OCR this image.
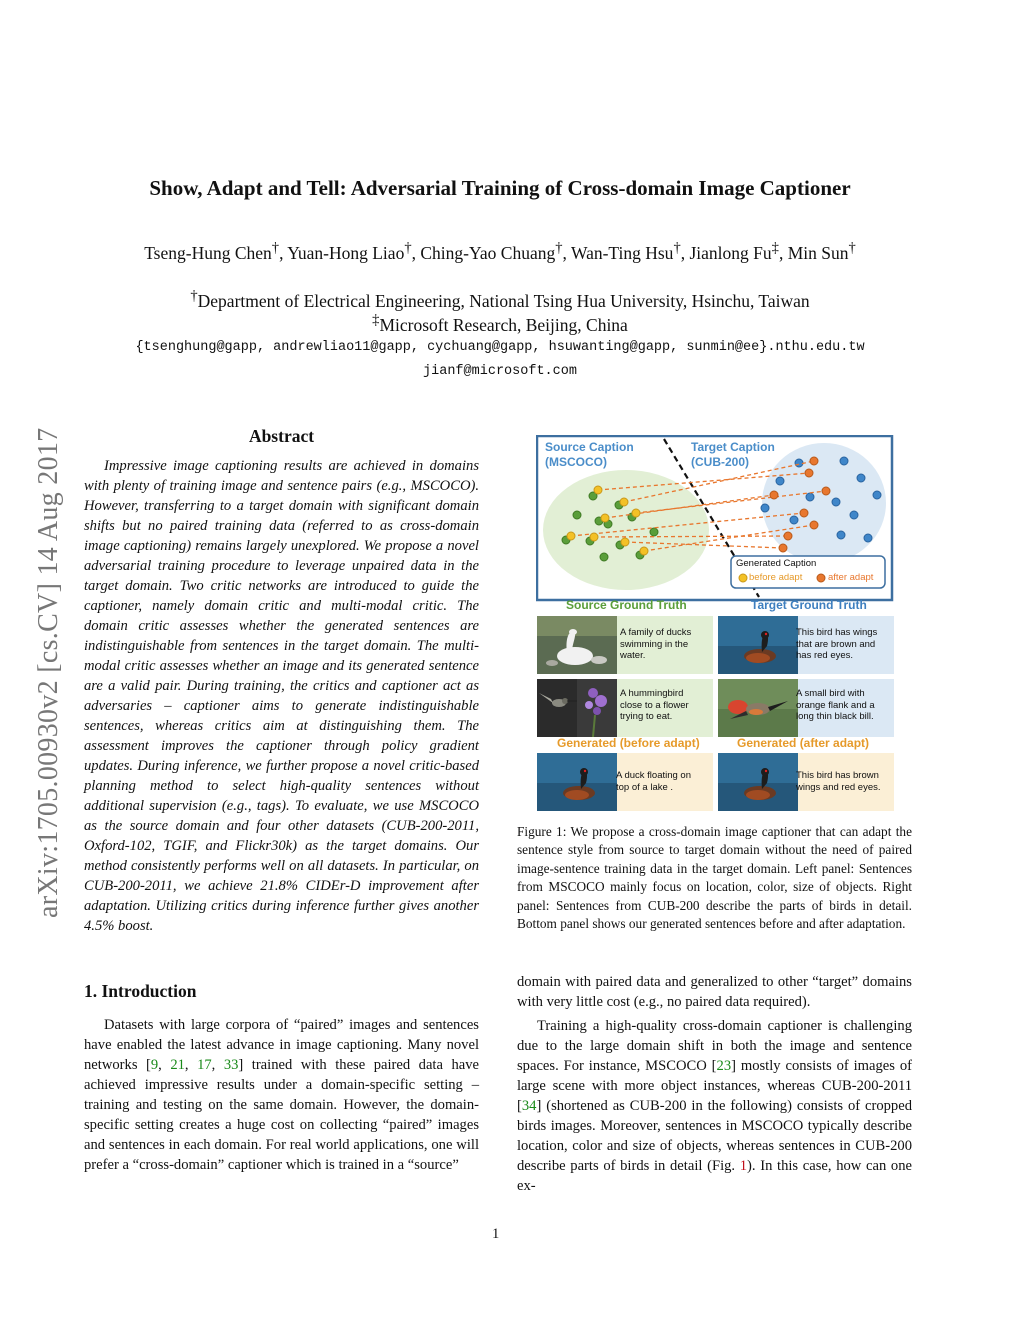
arXiv:1705.00930v2 [cs.CV] 14 Aug 2017
Show, Adapt and Tell: Adversarial Training of Cross-domain Image Captioner
Tseng-Hung Chen†, Yuan-Hong Liao†, Ching-Yao Chuang†, Wan-Ting Hsu†, Jianlong Fu‡, Min Sun†
†Department of Electrical Engineering, National Tsing Hua University, Hsinchu, Taiwan
‡Microsoft Research, Beijing, China
{tsenghung@gapp, andrewliao11@gapp, cychuang@gapp, hsuwanting@gapp, sunmin@ee}.nthu.edu.tw
jianf@microsoft.com
Abstract
Impressive image captioning results are achieved in domains with plenty of training image and sentence pairs (e.g., MSCOCO). However, transferring to a target domain with significant domain shifts but no paired training data (referred to as cross-domain image captioning) remains largely unexplored. We propose a novel adversarial training procedure to leverage unpaired data in the target domain. Two critic networks are introduced to guide the captioner, namely domain critic and multi-modal critic. The domain critic assesses whether the generated sentences are indistinguishable from sentences in the target domain. The multi-modal critic assesses whether an image and its generated sentence are a valid pair. During training, the critics and captioner act as adversaries – captioner aims to generate indistinguishable sentences, whereas critics aim at distinguishing them. The assessment improves the captioner through policy gradient updates. During inference, we further propose a novel critic-based planning method to select high-quality sentences without additional supervision (e.g., tags). To evaluate, we use MSCOCO as the source domain and four other datasets (CUB-200-2011, Oxford-102, TGIF, and Flickr30k) as the target domains. Our method consistently performs well on all datasets. In particular, on CUB-200-2011, we achieve 21.8% CIDEr-D improvement after adaptation. Utilizing critics during inference further gives another 4.5% boost.
1. Introduction
Datasets with large corpora of “paired” images and sentences have enabled the latest advance in image captioning. Many novel networks [9, 21, 17, 33] trained with these paired data have achieved impressive results under a domain-specific setting – training and testing on the same domain. However, the domain-specific setting creates a huge cost on collecting “paired” images and sentences in each domain. For real world applications, one will prefer a “cross-domain” captioner which is trained in a “source”
Source Caption
(MSCOCO)
Target Caption
(CUB-200)
Generated Caption
before adapt	after adapt
Source Ground Truth	Target Ground Truth
A family of ducks
swimming in the
water.
This bird has wings
that are brown and
has red eyes.
A hummingbird
close to a flower
trying to eat.
A small bird with
orange flank and a
long thin black bill.
Generated (before adapt)	Generated (after adapt)
A duck floating on
top of a lake .
This bird has brown
wings and red eyes.
Figure 1: We propose a cross-domain image captioner that can adapt the sentence style from source to target domain without the need of paired image-sentence training data in the target domain. Left panel: Sentences from MSCOCO mainly focus on location, color, size of objects. Right panel: Sentences from CUB-200 describe the parts of birds in detail. Bottom panel shows our generated sentences before and after adaptation.

domain with paired data and generalized to other “target” domains with very little cost (e.g., no paired data required).

Training a high-quality cross-domain captioner is challenging due to the large domain shift in both the image and sentence spaces. For instance, MSCOCO [23] mostly consists of images of large scene with more object instances, whereas CUB-200-2011 [34] (shortened as CUB-200 in the following) consists of cropped birds images. Moreover, sentences in MSCOCO typically describe location, color and size of objects, whereas sentences in CUB-200 describe parts of birds in detail (Fig. 1). In this case, how can one ex-

1
